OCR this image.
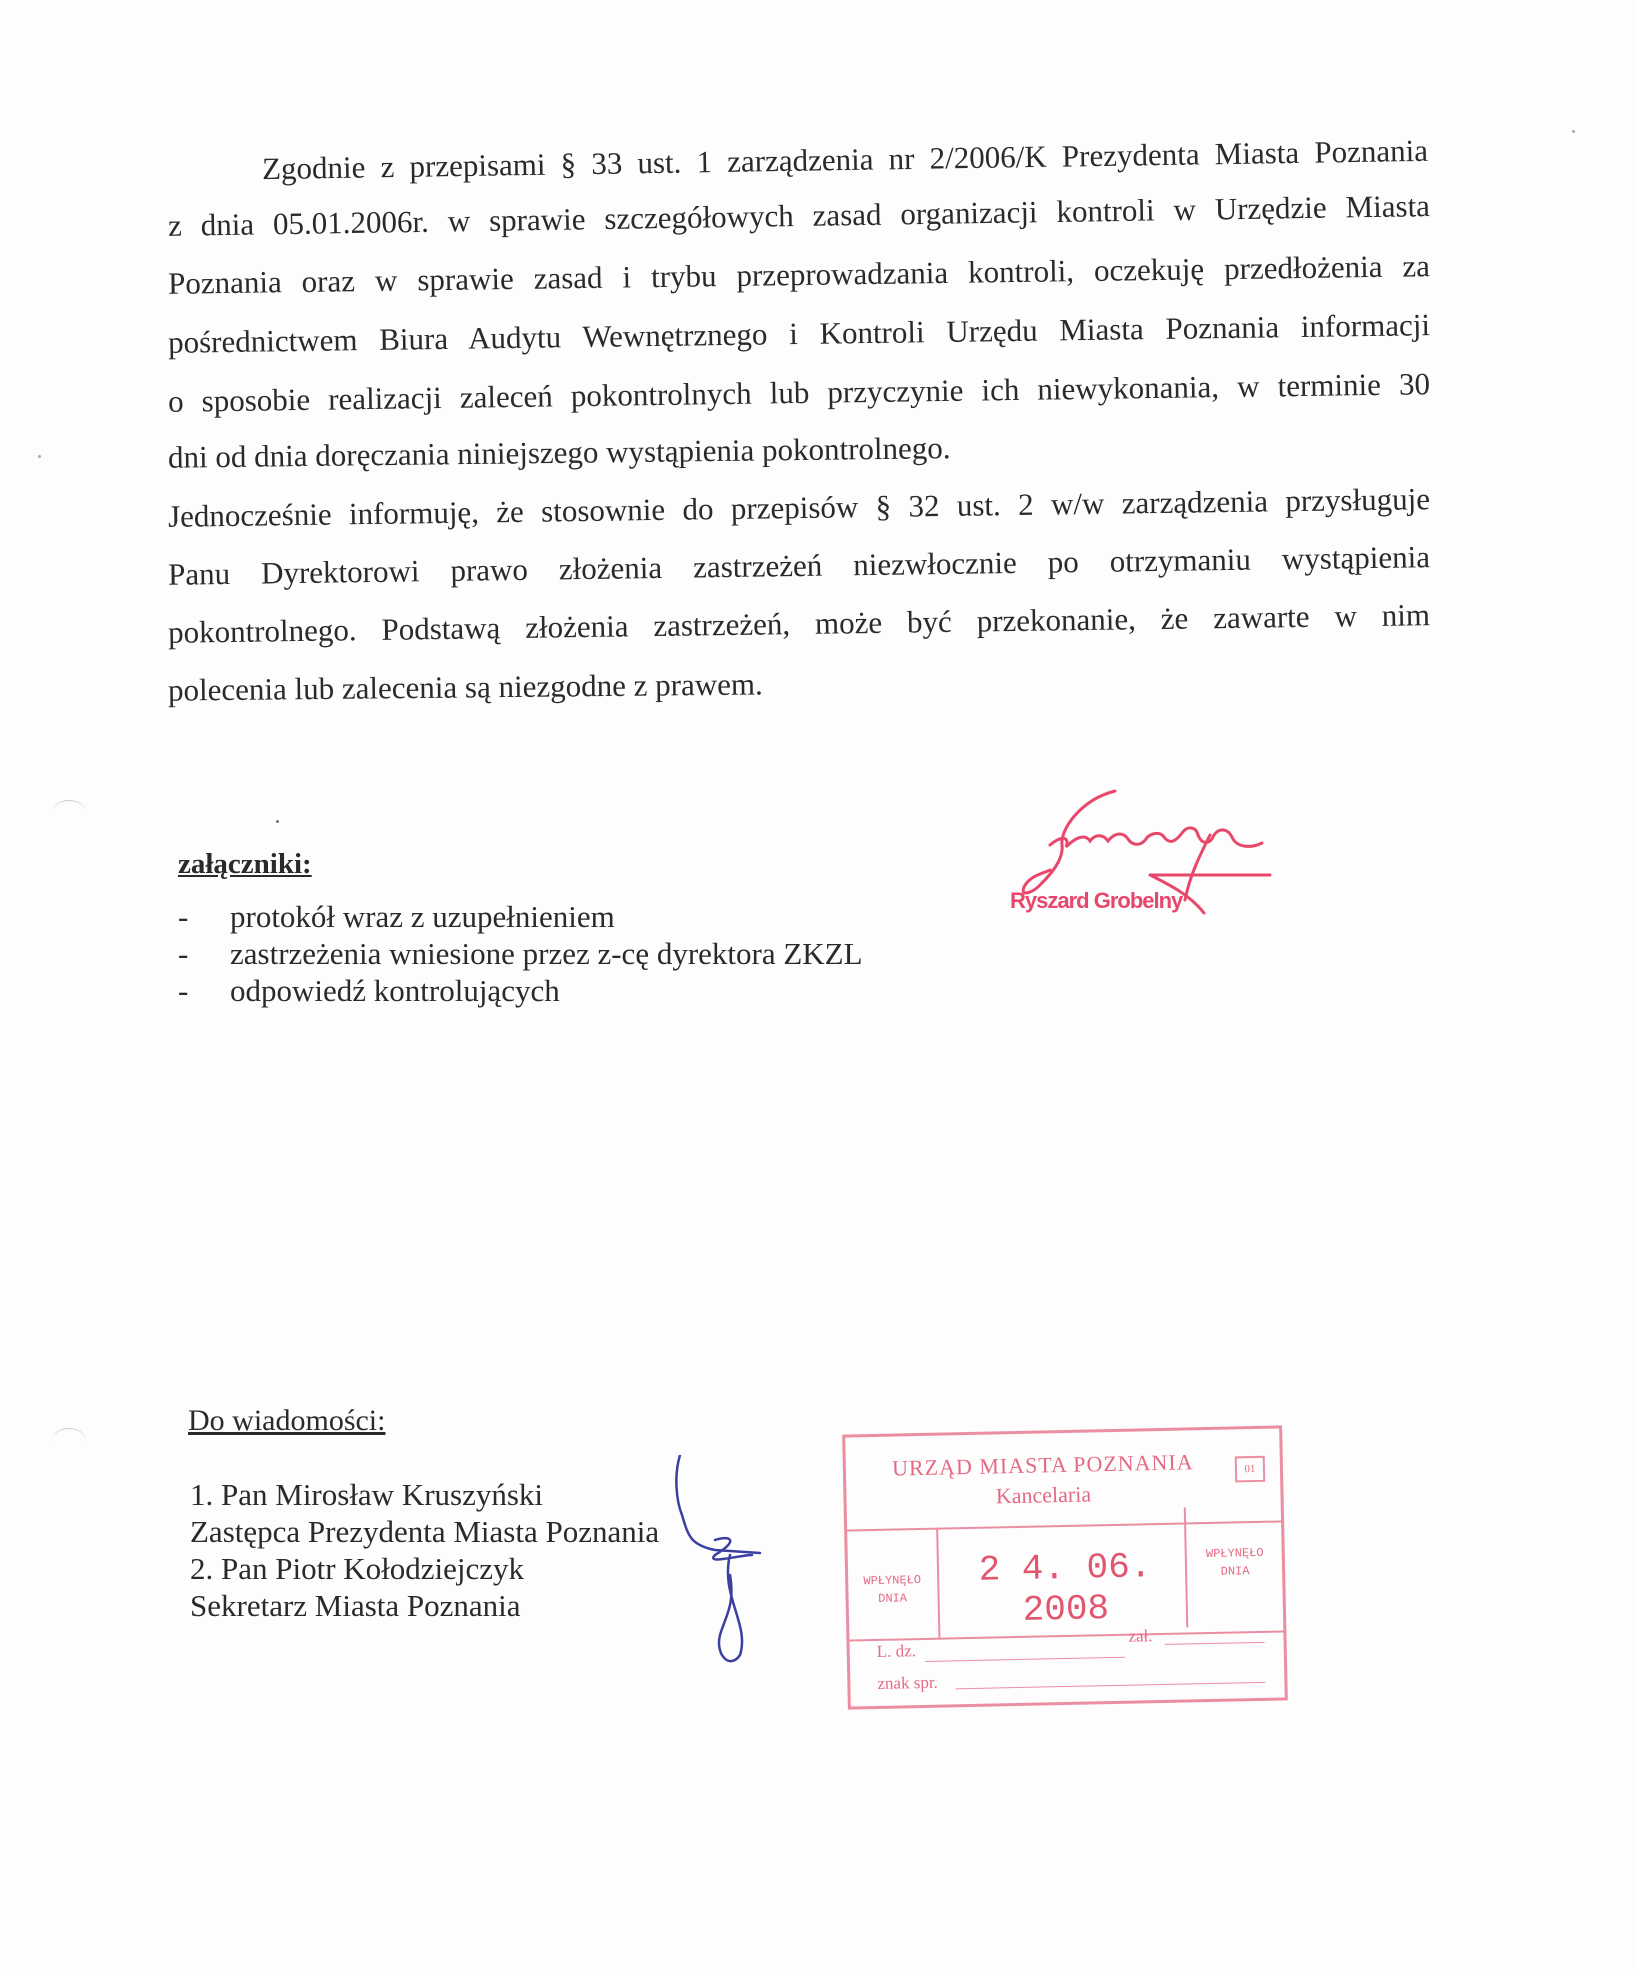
Zgodnie z przepisami § 33 ust. 1 zarządzenia nr 2/2006/K Prezydenta Miasta Poznania
z dnia 05.01.2006r. w sprawie szczegółowych zasad organizacji kontroli w Urzędzie Miasta
Poznania oraz w sprawie zasad i trybu przeprowadzania kontroli, oczekuję przedłożenia za
pośrednictwem Biura Audytu Wewnętrznego i Kontroli Urzędu Miasta Poznania informacji
o sposobie realizacji zaleceń pokontrolnych lub przyczynie ich niewykonania, w terminie 30
dni od dnia doręczania niniejszego wystąpienia pokontrolnego.
Jednocześnie informuję, że stosownie do przepisów § 32 ust. 2 w/w zarządzenia przysługuje
Panu Dyrektorowi prawo złożenia zastrzeżeń niezwłocznie po otrzymaniu wystąpienia
pokontrolnego. Podstawą złożenia zastrzeżeń, może być przekonanie, że zawarte w nim
polecenia lub zalecenia są niezgodne z prawem.
załączniki:
- protokół wraz z uzupełnieniem
- zastrzeżenia wniesione przez z-cę dyrektora ZKZL
- odpowiedź kontrolujących
Ryszard Grobelny
Do wiadomości:
1. Pan Mirosław Kruszyński
Zastępca Prezydenta Miasta Poznania
2. Pan Piotr Kołodziejczyk
Sekretarz Miasta Poznania
URZĄD MIASTA POZNANIA
Kancelaria
01
WPŁYNĘŁO
DNIA
WPŁYNĘŁO
DNIA
2 4. 06. 2008
L. dz.
zał.
znak spr.
